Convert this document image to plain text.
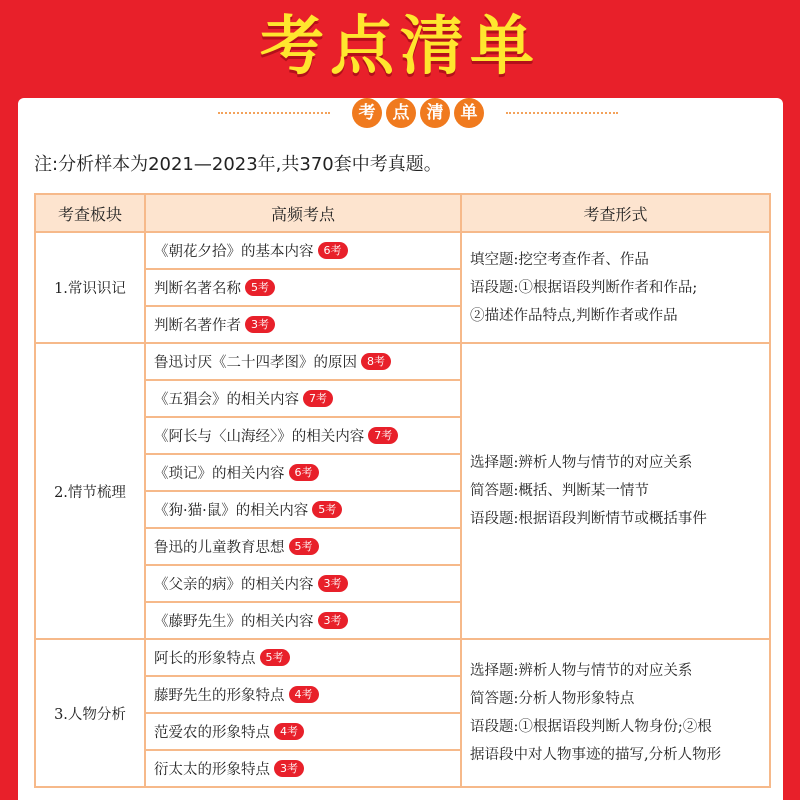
考点清单
考	点	清	单
注:分析样本为2021—2023年,共370套中考真题。
考查板块	高频考点	考查形式
1.常识识记	《朝花夕拾》的基本内容 6考	填空题:挖空考查作者、作品
语段题:①根据语段判断作者和作品;
②描述作品特点,判断作者或作品

	判断名著名称 5考	
	判断名著作者 3考	
2.情节梳理	鲁迅讨厌《二十四孝图》的原因 8考	选择题:辨析人物与情节的对应关系
简答题:概括、判断某一情节
语段题:根据语段判断情节或概括事件

	《五猖会》的相关内容 7考	
	《阿长与〈山海经〉》的相关内容 7考	
	《琐记》的相关内容 6考	
	《狗·猫·鼠》的相关内容 5考	
	鲁迅的儿童教育思想 5考	
	《父亲的病》的相关内容 3考	
	《藤野先生》的相关内容 3考	
3.人物分析	阿长的形象特点 5考	选择题:辨析人物与情节的对应关系
简答题:分析人物形象特点
语段题:①根据语段判断人物身份;②根
据语段中对人物事迹的描写,分析人物形

	藤野先生的形象特点 4考	
	范爱农的形象特点 4考	
	衍太太的形象特点 3考	
